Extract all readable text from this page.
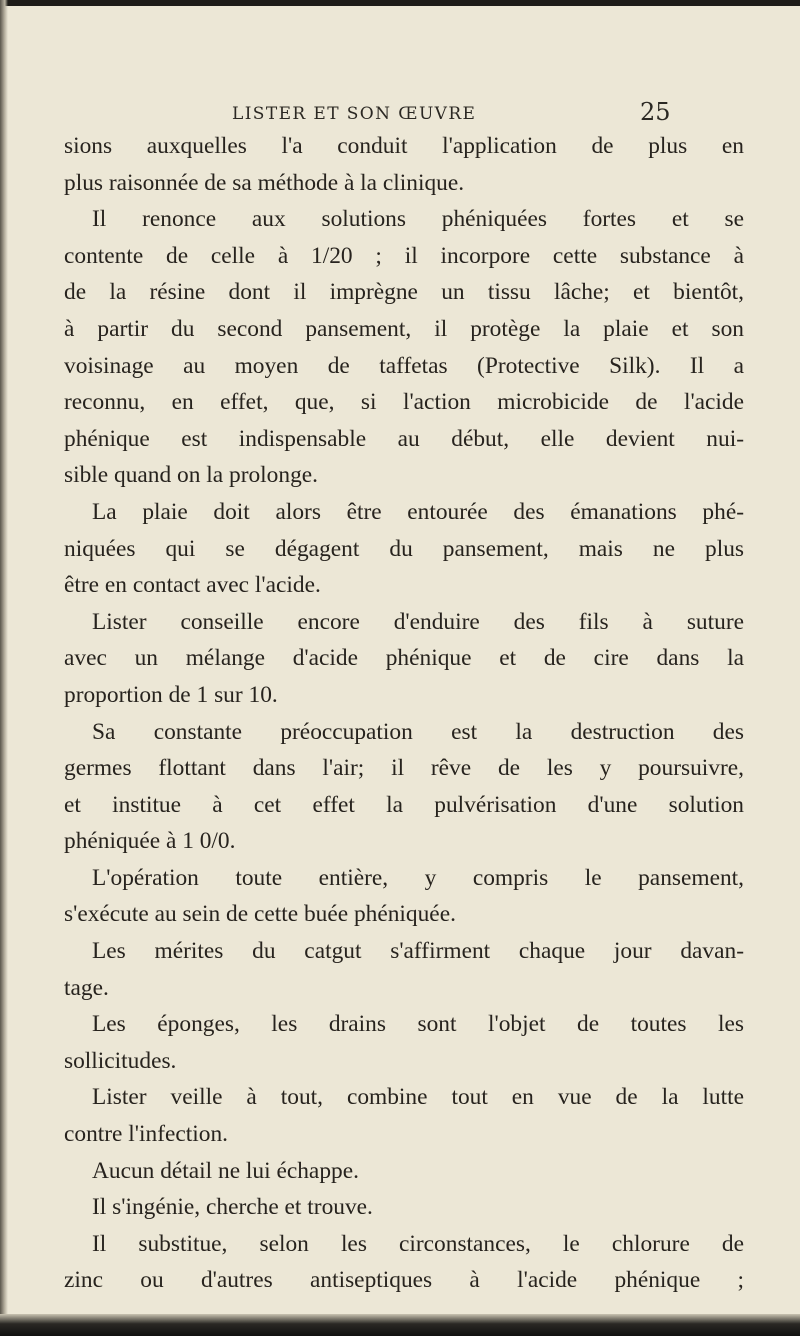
LISTER ET SON ŒUVRE	25
sions auxquelles l'a conduit l'application de plus en
plus raisonnée de sa méthode à la clinique.
Il renonce aux solutions phéniquées fortes et se
contente de celle à 1/20 ; il incorpore cette substance à
de la résine dont il imprègne un tissu lâche; et bientôt,
à partir du second pansement, il protège la plaie et son
voisinage au moyen de taffetas (Protective Silk). Il a
reconnu, en effet, que, si l'action microbicide de l'acide
phénique est indispensable au début, elle devient nui-
sible quand on la prolonge.
La plaie doit alors être entourée des émanations phé-
niquées qui se dégagent du pansement, mais ne plus
être en contact avec l'acide.
Lister conseille encore d'enduire des fils à suture
avec un mélange d'acide phénique et de cire dans la
proportion de 1 sur 10.
Sa constante préoccupation est la destruction des
germes flottant dans l'air; il rêve de les y poursuivre,
et institue à cet effet la pulvérisation d'une solution
phéniquée à 1 0/0.
L'opération toute entière, y compris le pansement,
s'exécute au sein de cette buée phéniquée.
Les mérites du catgut s'affirment chaque jour davan-
tage.
Les éponges, les drains sont l'objet de toutes les
sollicitudes.
Lister veille à tout, combine tout en vue de la lutte
contre l'infection.
Aucun détail ne lui échappe.
Il s'ingénie, cherche et trouve.
Il substitue, selon les circonstances, le chlorure de
zinc ou d'autres antiseptiques à l'acide phénique ;
